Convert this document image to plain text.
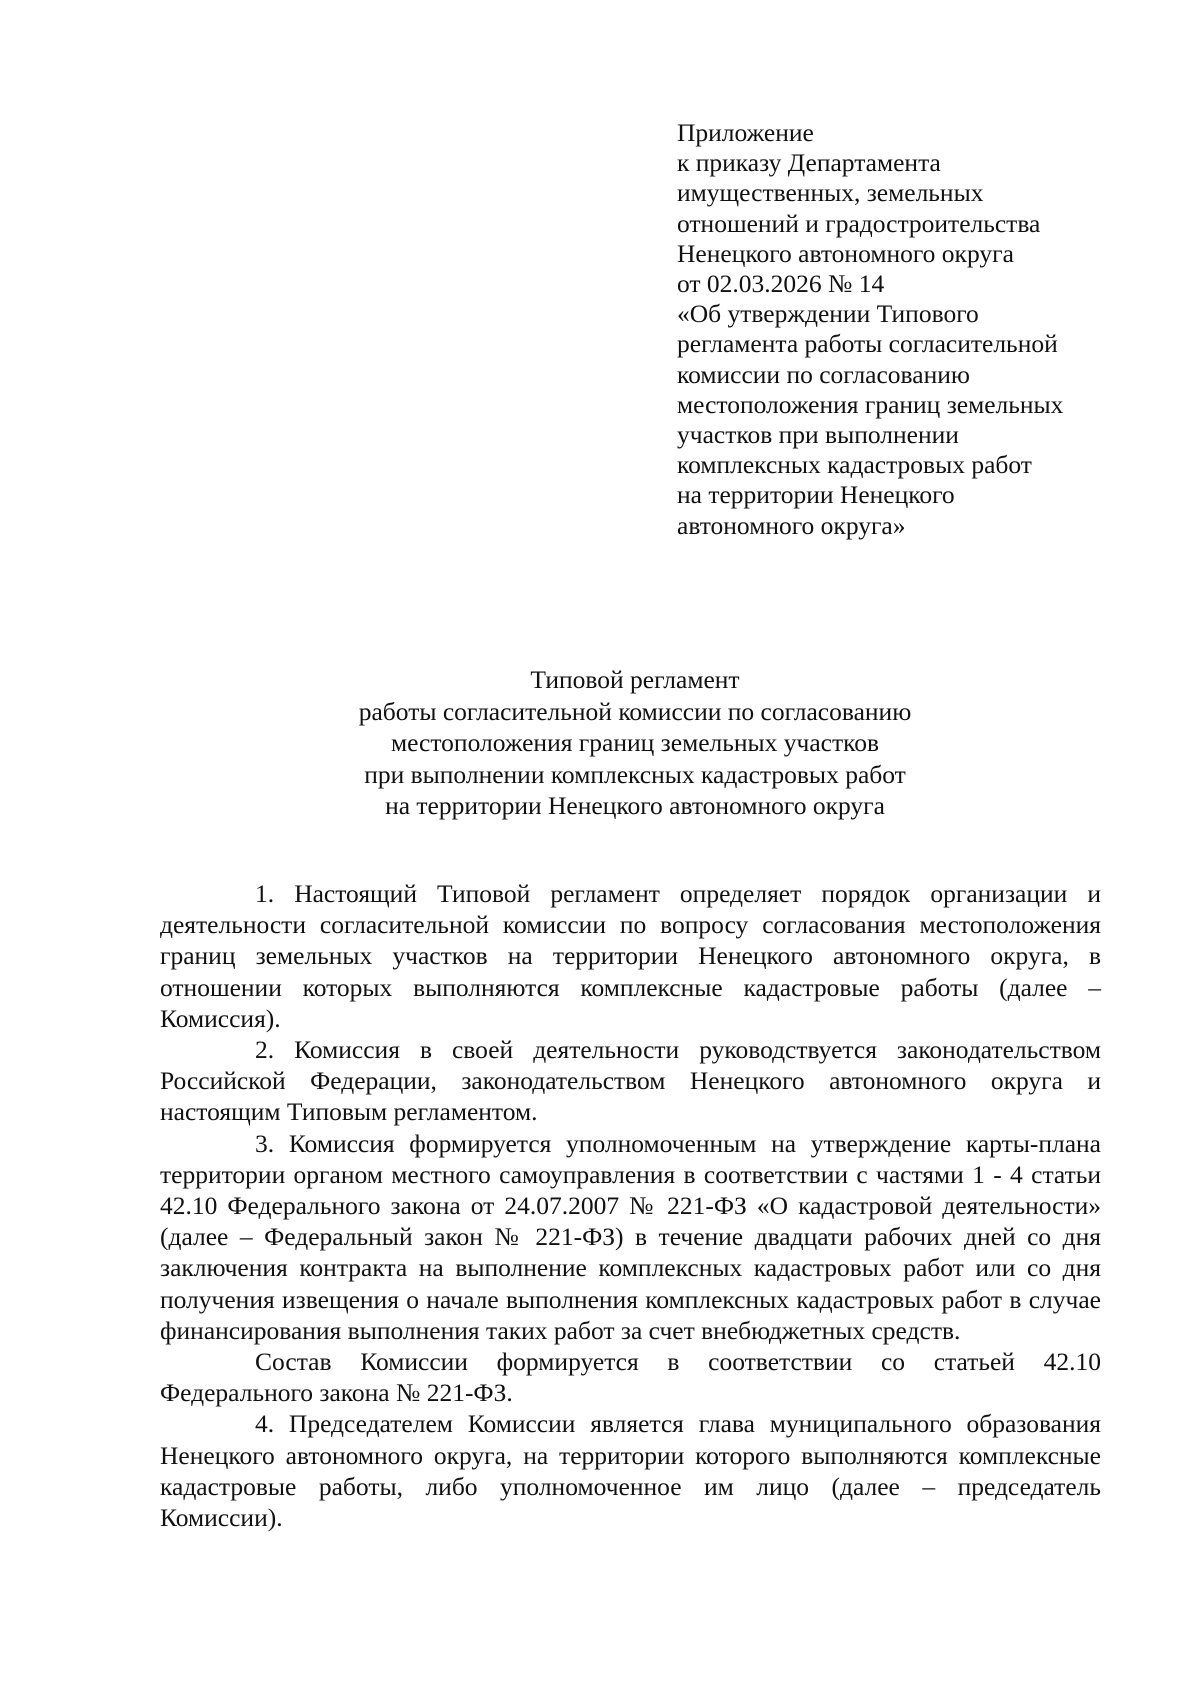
Приложение
к приказу Департамента
имущественных, земельных
отношений и градостроительства
Ненецкого автономного округа
от 02.03.2026 № 14
«Об утверждении Типового
регламента работы согласительной
комиссии по согласованию
местоположения границ земельных
участков при выполнении
комплексных кадастровых работ
на территории Ненецкого
автономного округа»
Типовой регламент
работы согласительной комиссии по согласованию
местоположения границ земельных участков
при выполнении комплексных кадастровых работ
на территории Ненецкого автономного округа

1. Настоящий Типовой регламент определяет порядок организации и деятельности согласительной комиссии по вопросу согласования местоположения границ земельных участков на территории Ненецкого автономного округа, в отношении которых выполняются комплексные кадастровые работы (далее – Комиссия).

2. Комиссия в своей деятельности руководствуется законодательством Российской Федерации, законодательством Ненецкого автономного округа и настоящим Типовым регламентом.

3. Комиссия формируется уполномоченным на утверждение карты-плана территории органом местного самоуправления в соответствии с частями 1 - 4 статьи 42.10 Федерального закона от 24.07.2007 № 221-ФЗ «О кадастровой деятельности» (далее – Федеральный закон № 221-ФЗ) в течение двадцати рабочих дней со дня заключения контракта на выполнение комплексных кадастровых работ или со дня получения извещения о начале выполнения комплексных кадастровых работ в случае финансирования выполнения таких работ за счет внебюджетных средств.

Состав Комиссии формируется в соответствии со статьей 42.10 Федерального закона № 221-ФЗ.

4. Председателем Комиссии является глава муниципального образования Ненецкого автономного округа, на территории которого выполняются комплексные кадастровые работы, либо уполномоченное им лицо (далее – председатель Комиссии).
